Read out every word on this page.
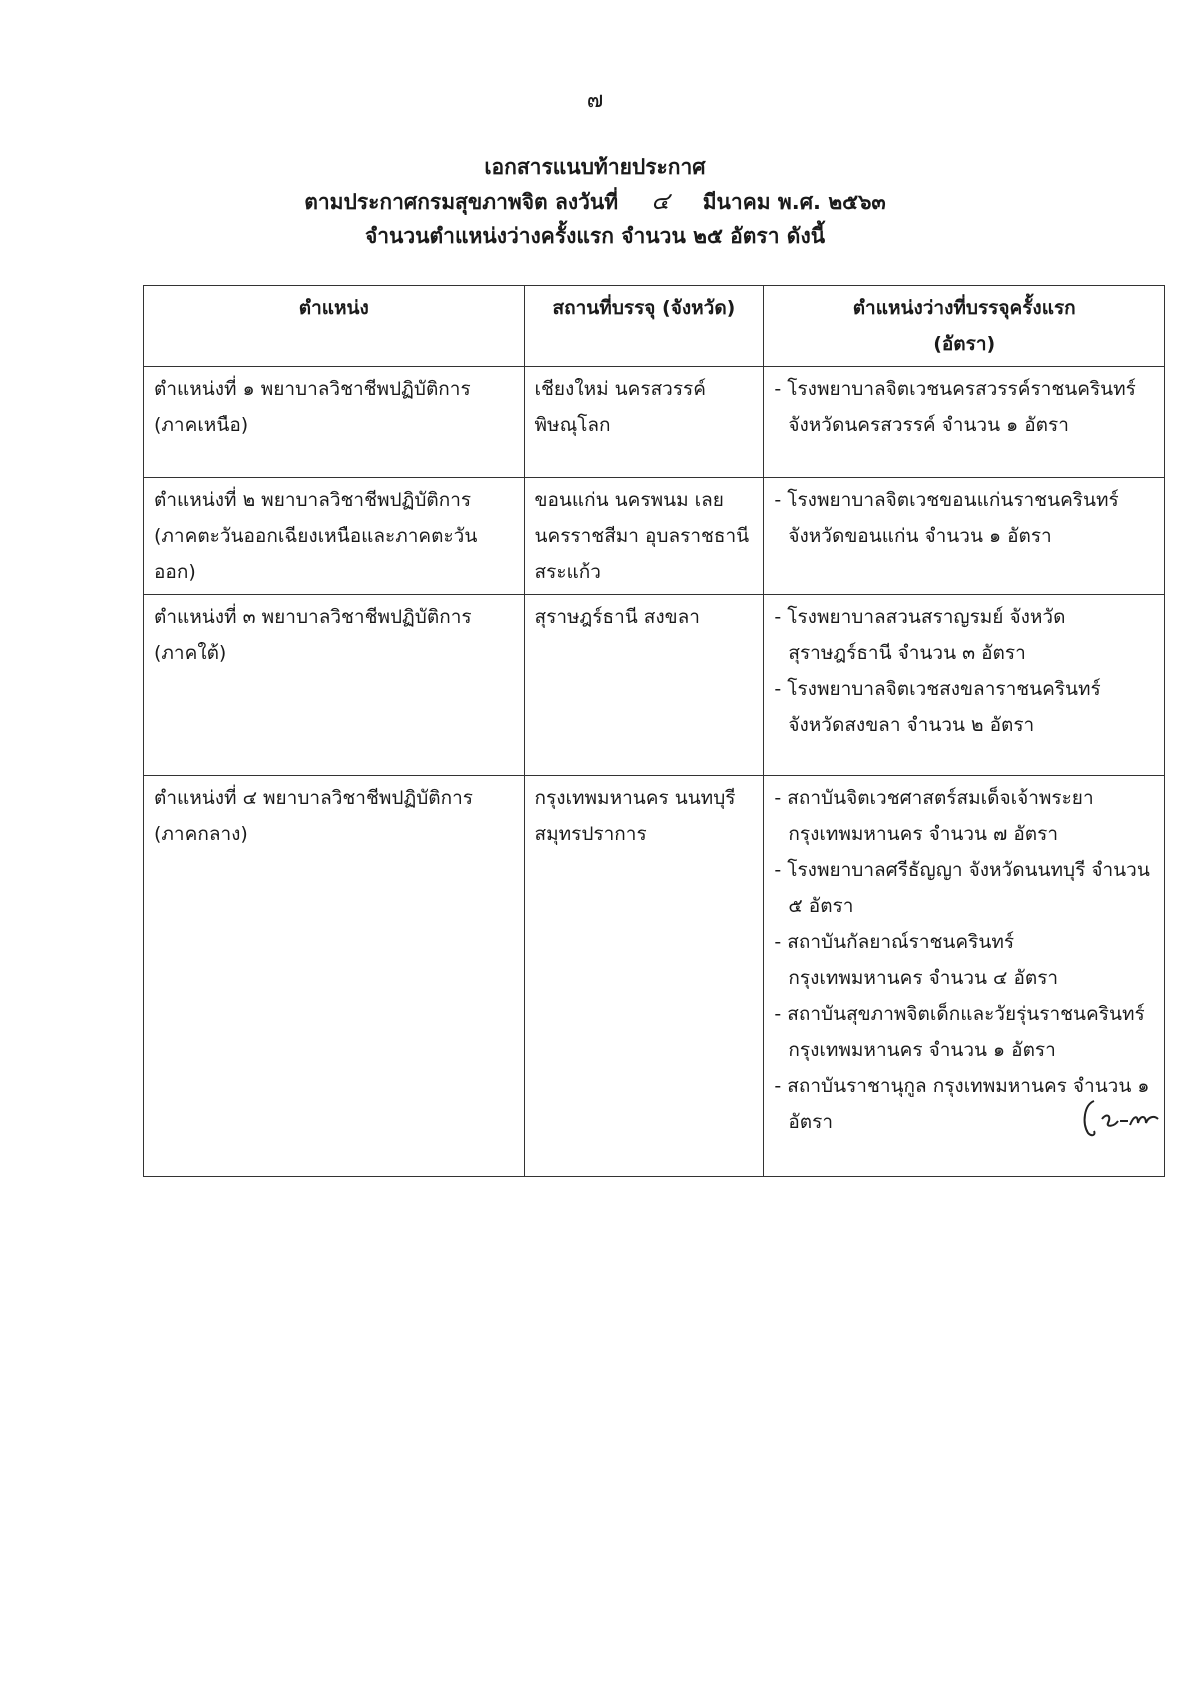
๗
เอกสารแนบท้ายประกาศ
ตามประกาศกรมสุขภาพจิต ลงวันที่ ๔ มีนาคม พ.ศ. ๒๕๖๓
จำนวนตำแหน่งว่างครั้งแรก จำนวน ๒๕ อัตรา ดังนี้
ตำแหน่ง	สถานที่บรรจุ (จังหวัด)	ตำแหน่งว่างที่บรรจุครั้งแรก
(อัตรา)
ตำแหน่งที่ ๑ พยาบาลวิชาชีพปฏิบัติการ
(ภาคเหนือ)	เชียงใหม่ นครสวรรค์ พิษณุโลก	- โรงพยาบาลจิตเวชนครสวรรค์ราชนครินทร์ จังหวัดนครสวรรค์ จำนวน ๑ อัตรา

ตำแหน่งที่ ๒ พยาบาลวิชาชีพปฏิบัติการ
(ภาคตะวันออกเฉียงเหนือและภาคตะวันออก)	ขอนแก่น นครพนม เลย นครราชสีมา อุบลราชธานี สระแก้ว	- โรงพยาบาลจิตเวชขอนแก่นราชนครินทร์ จังหวัดขอนแก่น จำนวน ๑ อัตรา

ตำแหน่งที่ ๓ พยาบาลวิชาชีพปฏิบัติการ
(ภาคใต้)	สุราษฎร์ธานี สงขลา	- โรงพยาบาลสวนสราญรมย์ จังหวัดสุราษฎร์ธานี จำนวน ๓ อัตรา
- โรงพยาบาลจิตเวชสงขลาราชนครินทร์ จังหวัดสงขลา จำนวน ๒ อัตรา

ตำแหน่งที่ ๔ พยาบาลวิชาชีพปฏิบัติการ
(ภาคกลาง)	กรุงเทพมหานคร นนทบุรี สมุทรปราการ	- สถาบันจิตเวชศาสตร์สมเด็จเจ้าพระยา กรุงเทพมหานคร จำนวน ๗ อัตรา
- โรงพยาบาลศรีธัญญา จังหวัดนนทบุรี จำนวน ๕ อัตรา
- สถาบันกัลยาณ์ราชนครินทร์ กรุงเทพมหานคร จำนวน ๔ อัตรา
- สถาบันสุขภาพจิตเด็กและวัยรุ่นราชนครินทร์ กรุงเทพมหานคร จำนวน ๑ อัตรา
- สถาบันราชานุกูล กรุงเทพมหานคร จำนวน ๑ อัตรา
